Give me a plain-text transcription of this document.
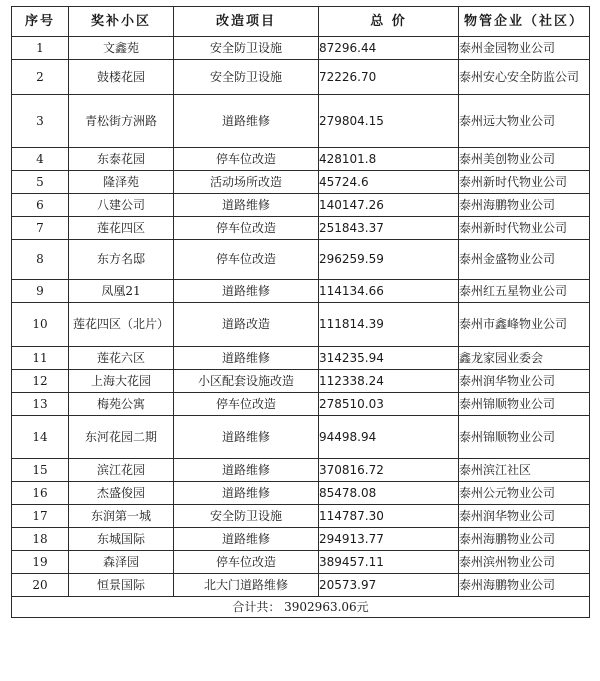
序号	奖补小区	改造项目	总 价	物管企业（社区）
1	文鑫苑	安全防卫设施	87296.44	泰州金园物业公司
2	鼓楼花园	安全防卫设施	72226.70	泰州安心安全防监公司
3	青松街方洲路	道路维修	279804.15	泰州远大物业公司
4	东泰花园	停车位改造	428101.8	泰州美创物业公司
5	隆泽苑	活动场所改造	45724.6	泰州新时代物业公司
6	八建公司	道路维修	140147.26	泰州海鹏物业公司
7	莲花四区	停车位改造	251843.37	泰州新时代物业公司
8	东方名邸	停车位改造	296259.59	泰州金盛物业公司
9	凤凰21	道路维修	114134.66	泰州红五星物业公司
10	莲花四区（北片）	道路改造	111814.39	泰州市鑫峰物业公司
11	莲花六区	道路维修	314235.94	鑫龙家园业委会
12	上海大花园	小区配套设施改造	112338.24	泰州润华物业公司
13	梅苑公寓	停车位改造	278510.03	泰州锦顺物业公司
14	东河花园二期	道路维修	94498.94	泰州锦顺物业公司
15	滨江花园	道路维修	370816.72	泰州滨江社区
16	杰盛俊园	道路维修	85478.08	泰州公元物业公司
17	东润第一城	安全防卫设施	114787.30	泰州润华物业公司
18	东城国际	道路维修	294913.77	泰州海鹏物业公司
19	森泽园	停车位改造	389457.11	泰州滨州物业公司
20	恒景国际	北大门道路维修	20573.97	泰州海鹏物业公司
合计共： 3902963.06元				
